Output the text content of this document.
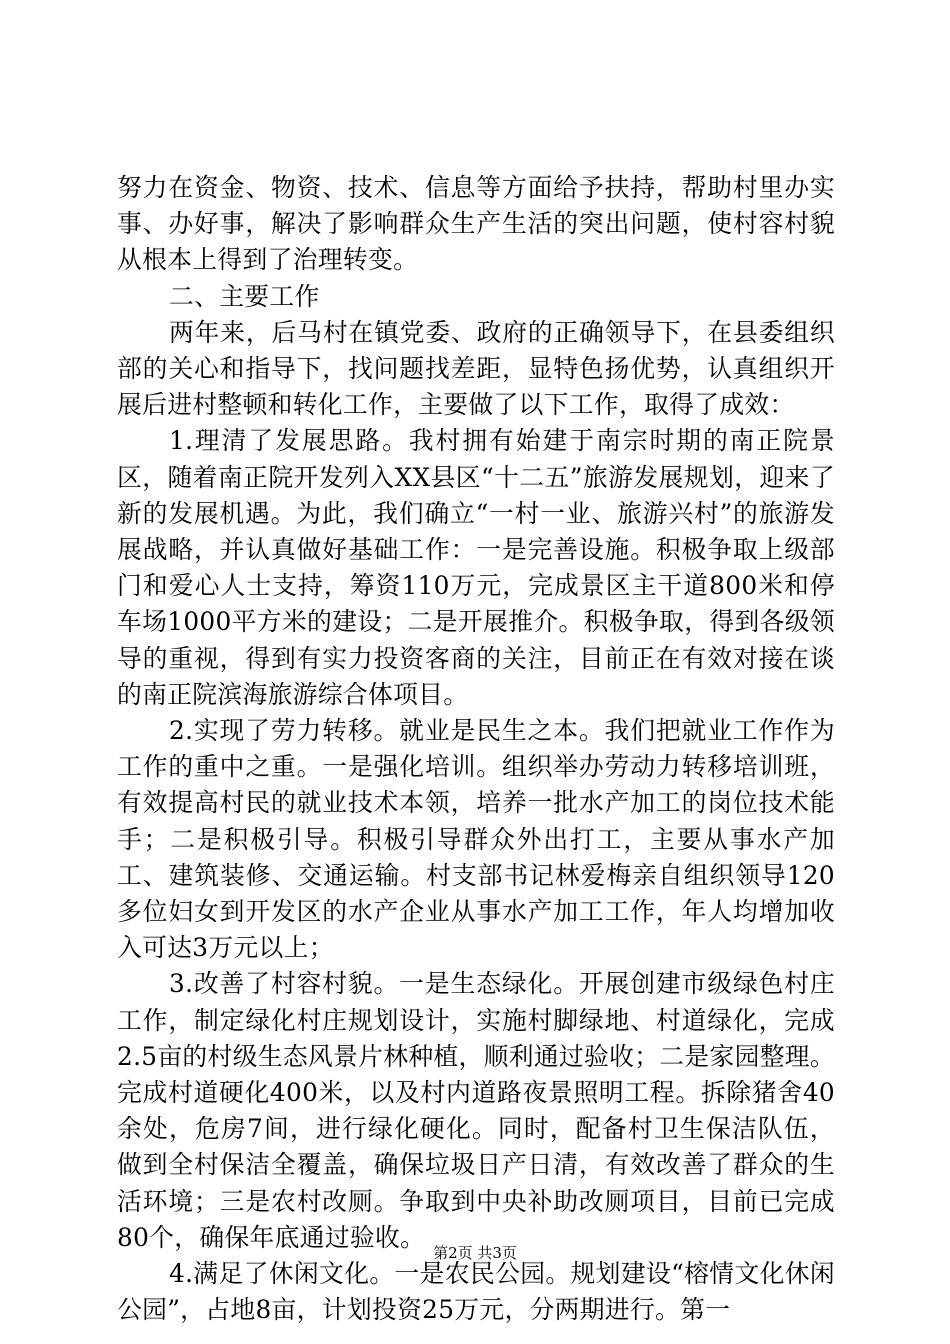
努力在资金、物资、技术、信息等方面给予扶持，帮助村里办实事、办好事，解决了影响群众生产生活的突出问题，使村容村貌从根本上得到了治理转变。

二、主要工作

两年来，后马村在镇党委、政府的正确领导下，在县委组织部的关心和指导下，找问题找差距，显特色扬优势，认真组织开展后进村整顿和转化工作，主要做了以下工作，取得了成效：

1.理清了发展思路。我村拥有始建于南宗时期的南正院景区，随着南正院开发列入XX县区“十二五”旅游发展规划，迎来了新的发展机遇。为此，我们确立“一村一业、旅游兴村”的旅游发展战略，并认真做好基础工作：一是完善设施。积极争取上级部门和爱心人士支持，筹资110万元，完成景区主干道800米和停车场1000平方米的建设；二是开展推介。积极争取，得到各级领导的重视，得到有实力投资客商的关注，目前正在有效对接在谈的南正院滨海旅游综合体项目。

2.实现了劳力转移。就业是民生之本。我们把就业工作作为工作的重中之重。一是强化培训。组织举办劳动力转移培训班，有效提高村民的就业技术本领，培养一批水产加工的岗位技术能手；二是积极引导。积极引导群众外出打工，主要从事水产加工、建筑装修、交通运输。村支部书记林爱梅亲自组织领导120多位妇女到开发区的水产企业从事水产加工工作，年人均增加收入可达3万元以上；

3.改善了村容村貌。一是生态绿化。开展创建市级绿色村庄工作，制定绿化村庄规划设计，实施村脚绿地、村道绿化，完成2.5亩的村级生态风景片林种植，顺利通过验收；二是家园整理。完成村道硬化400米，以及村内道路夜景照明工程。拆除猪舍40余处，危房7间，进行绿化硬化。同时，配备村卫生保洁队伍，做到全村保洁全覆盖，确保垃圾日产日清，有效改善了群众的生活环境；三是农村改厕。争取到中央补助改厕项目，目前已完成80个，确保年底通过验收。

4.满足了休闲文化。一是农民公园。规划建设“榕情文化休闲公园”，占地8亩，计划投资25万元，分两期进行。第一

第2页 共3页
